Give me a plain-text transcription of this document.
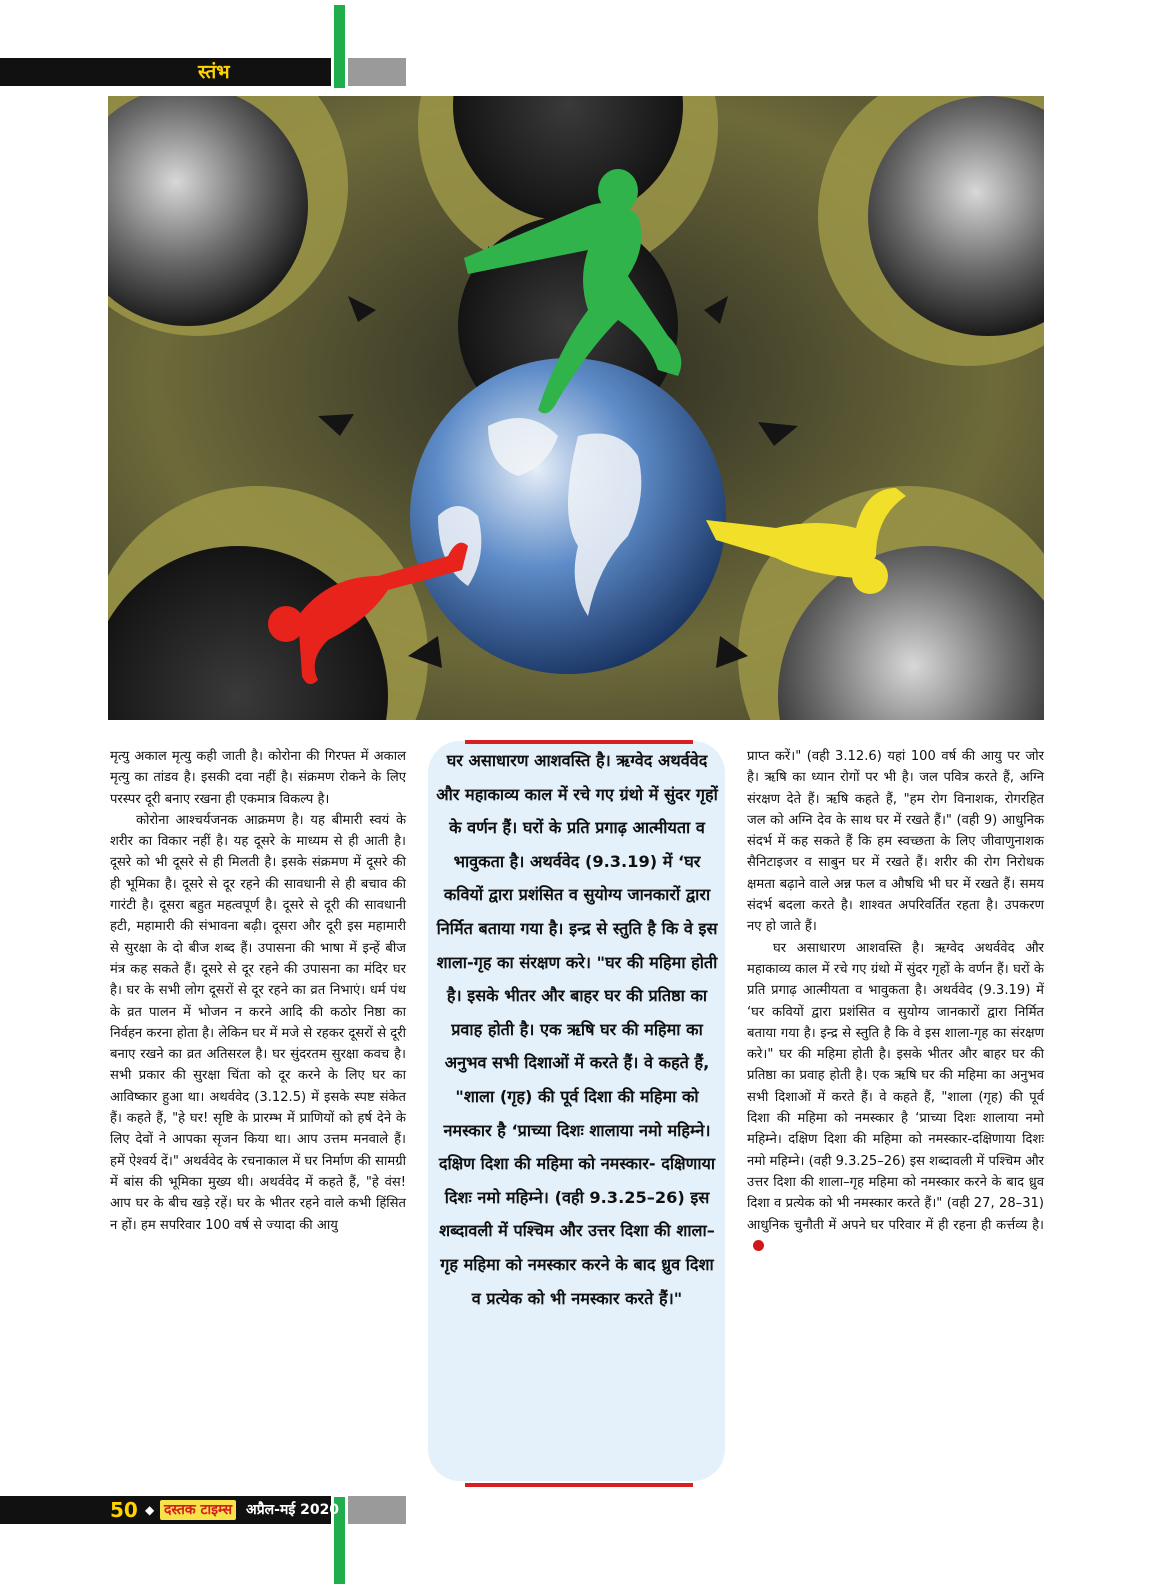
स्तंभ

मृत्यु अकाल मृत्यु कही जाती है। कोरोना की गिरफ्त में अकाल मृत्यु का तांडव है। इसकी दवा नहीं है। संक्रमण रोकने के लिए परस्पर दूरी बनाए रखना ही एकमात्र विकल्प है।

कोरोना आश्चर्यजनक आक्रमण है। यह बीमारी स्वयं के शरीर का विकार नहीं है। यह दूसरे के माध्यम से ही आती है। दूसरे को भी दूसरे से ही मिलती है। इसके संक्रमण में दूसरे की ही भूमिका है। दूसरे से दूर रहने की सावधानी से ही बचाव की गारंटी है। दूसरा बहुत महत्वपूर्ण है। दूसरे से दूरी की सावधानी हटी, महामारी की संभावना बढ़ी। दूसरा और दूरी इस महामारी से सुरक्षा के दो बीज शब्द हैं। उपासना की भाषा में इन्हें बीज मंत्र कह सकते हैं। दूसरे से दूर रहने की उपासना का मंदिर घर है। घर के सभी लोग दूसरों से दूर रहने का व्रत निभाएं। धर्म पंथ के व्रत पालन में भोजन न करने आदि की कठोर निष्ठा का निर्वहन करना होता है। लेकिन घर में मजे से रहकर दूसरों से दूरी बनाए रखने का व्रत अतिसरल है। घर सुंदरतम सुरक्षा कवच है। सभी प्रकार की सुरक्षा चिंता को दूर करने के लिए घर का आविष्कार हुआ था। अथर्ववेद (3.12.5) में इसके स्पष्ट संकेत हैं। कहते हैं, "हे घर! सृष्टि के प्रारम्भ में प्राणियों को हर्ष देने के लिए देवों ने आपका सृजन किया था। आप उत्तम मनवाले हैं। हमें ऐश्वर्य दें।" अथर्ववेद के रचनाकाल में घर निर्माण की सामग्री में बांस की भूमिका मुख्य थी। अथर्ववेद में कहते हैं, "हे वंस! आप घर के बीच खड़े रहें। घर के भीतर रहने वाले कभी हिंसित न हों। हम सपरिवार 100 वर्ष से ज्यादा की आयु

घर असाधारण आशवस्ति है। ऋग्वेद अथर्ववेद और महाकाव्य काल में रचे गए ग्रंथो में सुंदर गृहों के वर्णन हैं। घरों के प्रति प्रगाढ़ आत्मीयता व भावुकता है। अथर्ववेद (9.3.19) में ‘घर कवियों द्वारा प्रशंसित व सुयोग्य जानकारों द्वारा निर्मित बताया गया है। इन्द्र से स्तुति है कि वे इस शाला-गृह का संरक्षण करे। "घर की महिमा होती है। इसके भीतर और बाहर घर की प्रतिष्ठा का प्रवाह होती है। एक ऋषि घर की महिमा का अनुभव सभी दिशाओं में करते हैं। वे कहते हैं, "शाला (गृह) की पूर्व दिशा की महिमा को नमस्कार है ‘प्राच्या दिशः शालाया नमो महिम्ने। दक्षिण दिशा की महिमा को नमस्कार- दक्षिणाया दिशः नमो महिम्ने। (वही 9.3.25–26) इस शब्दावली में पश्चिम और उत्तर दिशा की शाला–गृह महिमा को नमस्कार करने के बाद ध्रुव दिशा व प्रत्येक को भी नमस्कार करते हैं।"

प्राप्त करें।" (वही 3.12.6) यहां 100 वर्ष की आयु पर जोर है। ऋषि का ध्यान रोगों पर भी है। जल पवित्र करते हैं, अग्नि संरक्षण देते हैं। ऋषि कहते हैं, "हम रोग विनाशक, रोगरहित जल को अग्नि देव के साथ घर में रखते हैं।" (वही 9) आधुनिक संदर्भ में कह सकते हैं कि हम स्वच्छता के लिए जीवाणुनाशक सैनिटाइजर व साबुन घर में रखते हैं। शरीर की रोग निरोधक क्षमता बढ़ाने वाले अन्न फल व औषधि भी घर में रखते हैं। समय संदर्भ बदला करते है। शाश्वत अपरिवर्तित रहता है। उपकरण नए हो जाते हैं।

घर असाधारण आशवस्ति है। ऋग्वेद अथर्ववेद और महाकाव्य काल में रचे गए ग्रंथो में सुंदर गृहों के वर्णन हैं। घरों के प्रति प्रगाढ़ आत्मीयता व भावुकता है। अथर्ववेद (9.3.19) में ‘घर कवियों द्वारा प्रशंसित व सुयोग्य जानकारों द्वारा निर्मित बताया गया है। इन्द्र से स्तुति है कि वे इस शाला-गृह का संरक्षण करे।" घर की महिमा होती है। इसके भीतर और बाहर घर की प्रतिष्ठा का प्रवाह होती है। एक ऋषि घर की महिमा का अनुभव सभी दिशाओं में करते हैं। वे कहते हैं, "शाला (गृह) की पूर्व दिशा की महिमा को नमस्कार है ‘प्राच्या दिशः शालाया नमो महिम्ने। दक्षिण दिशा की महिमा को नमस्कार-दक्षिणाया दिशः नमो महिम्ने। (वही 9.3.25–26) इस शब्दावली में पश्चिम और उत्तर दिशा की शाला–गृह महिमा को नमस्कार करने के बाद ध्रुव दिशा व प्रत्येक को भी नमस्कार करते हैं।" (वही 27, 28–31) आधुनिक चुनौती में अपने घर परिवार में ही रहना ही कर्त्तव्य है।

50 ◆ दस्तक टाइम्स अप्रैल-मई 2020
